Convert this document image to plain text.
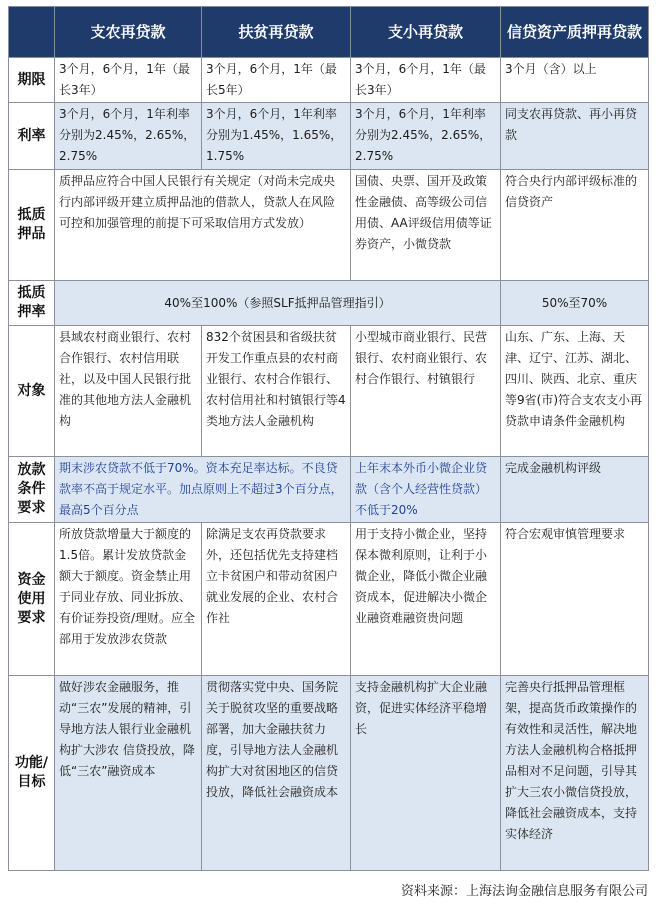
	支农再贷款	扶贫再贷款	支小再贷款	信贷资产质押再贷款
期限	3个月，6个月，1年（最长3年）	3个月，6个月，1年（最长5年）	3个月，6个月，1年（最长3年）	3个月（含）以上
利率	3个月，6个月，1年利率分别为2.45%，2.65%，2.75%	3个月，6个月，1年利率分别为1.45%，1.65%，1.75%	3个月，6个月，1年利率分别为2.45%，2.65%，2.75%	同支农再贷款、再小再贷款
抵质押品	质押品应符合中国人民银行有关规定（对尚未完成央行内部评级开建立质押品池的借款人，贷款人在风险可控和加强管理的前提下可采取信用方式发放）		国债、央票、国开及政策性金融债、高等级公司信用债、AA评级信用债等证券资产，小微贷款	符合央行内部评级标准的信贷资产
抵质押率	40%至100%（参照SLF抵押品管理指引）			50%至70%
对象	县域农村商业银行、农村合作银行、农村信用联社，以及中国人民银行批准的其他地方法人金融机构	832个贫困县和省级扶贫开发工作重点县的农村商业银行、农村合作银行、农村信用社和村镇银行等4类地方法人金融机构	小型城市商业银行、民营银行、农村商业银行、农村合作银行、村镇银行	山东、广东、上海、天津、辽宁、江苏、湖北、四川、陕西、北京、重庆等9省(市)符合支农支小再贷款申请条件金融机构
放款条件要求	期末涉农贷款不低于70%。资本充足率达标。不良贷款率不高于规定水平。加点原则上不超过3个百分点，最高5个百分点		上年末本外币小微企业贷款（含个人经营性贷款）不低于20%	完成金融机构评级
资金使用要求	所放贷款增量大于额度的1.5倍。累计发放贷款金额大于额度。资金禁止用于同业存放、同业拆放、有价证券投资/理财。应全部用于发放涉农贷款	除满足支农再贷款要求外，还包括优先支持建档立卡贫困户和带动贫困户就业发展的企业、农村合作社	用于支持小微企业，坚持保本微利原则，让利于小微企业，降低小微企业融资成本，促进解决小微企业融资难融资贵问题	符合宏观审慎管理要求
功能/目标	做好涉农金融服务，推动“三农”发展的精神，引导地方法人银行业金融机构扩大涉农 信贷投放，降低“三农”融资成本	贯彻落实党中央、国务院关于脱贫攻坚的重要战略部署，加大金融扶贫力度，引导地方法人金融机构扩大对贫困地区的信贷投放，降低社会融资成本	支持金融机构扩大企业融资，促进实体经济平稳增长	完善央行抵押品管理框架，提高货币政策操作的有效性和灵活性，解决地方法人金融机构合格抵押品相对不足问题，引导其扩大三农小微信贷投放，降低社会融资成本，支持实体经济
资料来源：上海法询金融信息服务有限公司
